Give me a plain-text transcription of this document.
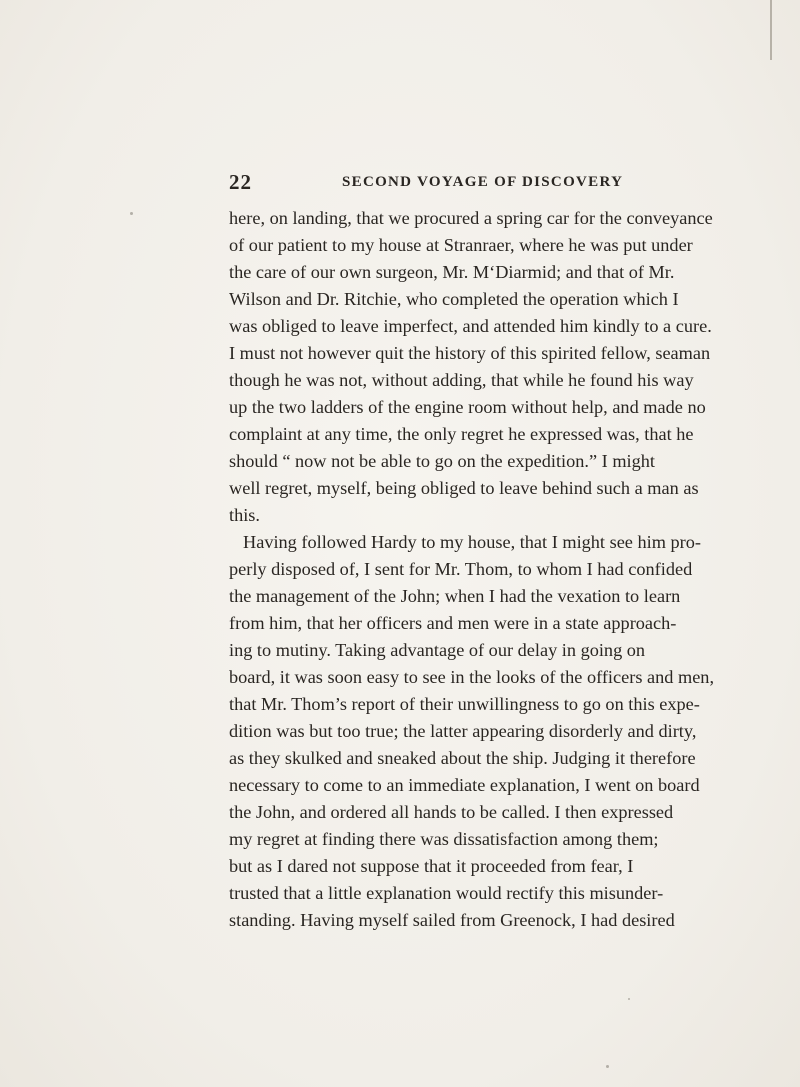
22	SECOND VOYAGE OF DISCOVERY
here, on landing, that we procured a spring car for the conveyance
of our patient to my house at Stranraer, where he was put under
the care of our own surgeon, Mr. M‘Diarmid; and that of Mr.
Wilson and Dr. Ritchie, who completed the operation which I
was obliged to leave imperfect, and attended him kindly to a cure.
I must not however quit the history of this spirited fellow, seaman
though he was not, without adding, that while he found his way
up the two ladders of the engine room without help, and made no
complaint at any time, the only regret he expressed was, that he
should “ now not be able to go on the expedition.” I might
well regret, myself, being obliged to leave behind such a man as
this.
Having followed Hardy to my house, that I might see him pro-
perly disposed of, I sent for Mr. Thom, to whom I had confided
the management of the John; when I had the vexation to learn
from him, that her officers and men were in a state approach-
ing to mutiny. Taking advantage of our delay in going on
board, it was soon easy to see in the looks of the officers and men,
that Mr. Thom’s report of their unwillingness to go on this expe-
dition was but too true; the latter appearing disorderly and dirty,
as they skulked and sneaked about the ship. Judging it therefore
necessary to come to an immediate explanation, I went on board
the John, and ordered all hands to be called. I then expressed
my regret at finding there was dissatisfaction among them;
but as I dared not suppose that it proceeded from fear, I
trusted that a little explanation would rectify this misunder-
standing. Having myself sailed from Greenock, I had desired
